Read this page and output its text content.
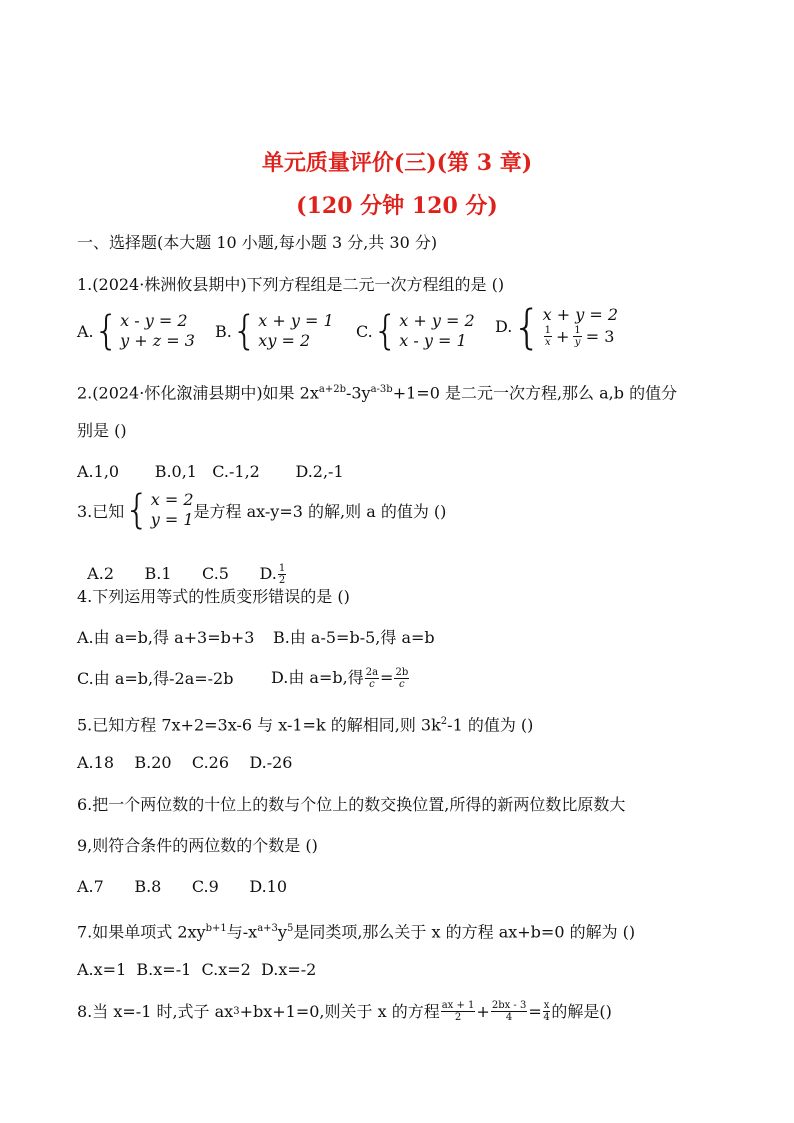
单元质量评价(三)(第 3 章)
(120 分钟 120 分)
一、选择题(本大题 10 小题,每小题 3 分,共 30 分)
1.(2024·株洲攸县期中)下列方程组是二元一次方程组的是 ()
A. { x - y = 2
y + z = 3 B. { x + y = 1
xy = 2	C. { x + y = 2
x - y = 1
D. { x + y = 2
$\frac{1}{x} + \frac{1}{y} = 3$
2.(2024·怀化溆浦县期中)如果 $2x^{a+2b}-3y^{a-3b}+1=0$ 是二元一次方程,那么 a,b 的值分
别是 ()
A.1,0       B.0,1   C.-1,2       D.2,-1
3.已知 { x = 2
y = 1 是方程 ax-y=3 的解,则 a 的值为 ()

A.2      B.1      C.5      D. $\frac{1}{2}$

4.下列运用等式的性质变形错误的是 ()
A.由 a=b,得 a+3=b+3 B.由 a-5=b-5,得 a=b
C.由 a=b,得-2a=-2b D.由 a=b,得 $\frac{2a}{c} = \frac{2b}{c}$
5.已知方程 7x+2=3x-6 与 x-1=k 的解相同,则 $3k^2-1$ 的值为 ()
A.18    B.20    C.26    D.-26
6.把一个两位数的十位上的数与个位上的数交换位置,所得的新两位数比原数大
9,则符合条件的两位数的个数是 ()
A.7      B.8      C.9      D.10
7.如果单项式 $2xy^{b+1}$与$-x^{a+3}y^5$是同类项,那么关于 x 的方程 ax+b=0 的解为 ()
A.x=1  B.x=-1  C.x=2  D.x=-2
8.当 x=-1 时,式子 ax 3 +bx+1=0,则关于 x 的方程 $\frac{ax + 1}{2} + \frac{2bx - 3}{4} = \frac{x}{4}$ 的解是()
